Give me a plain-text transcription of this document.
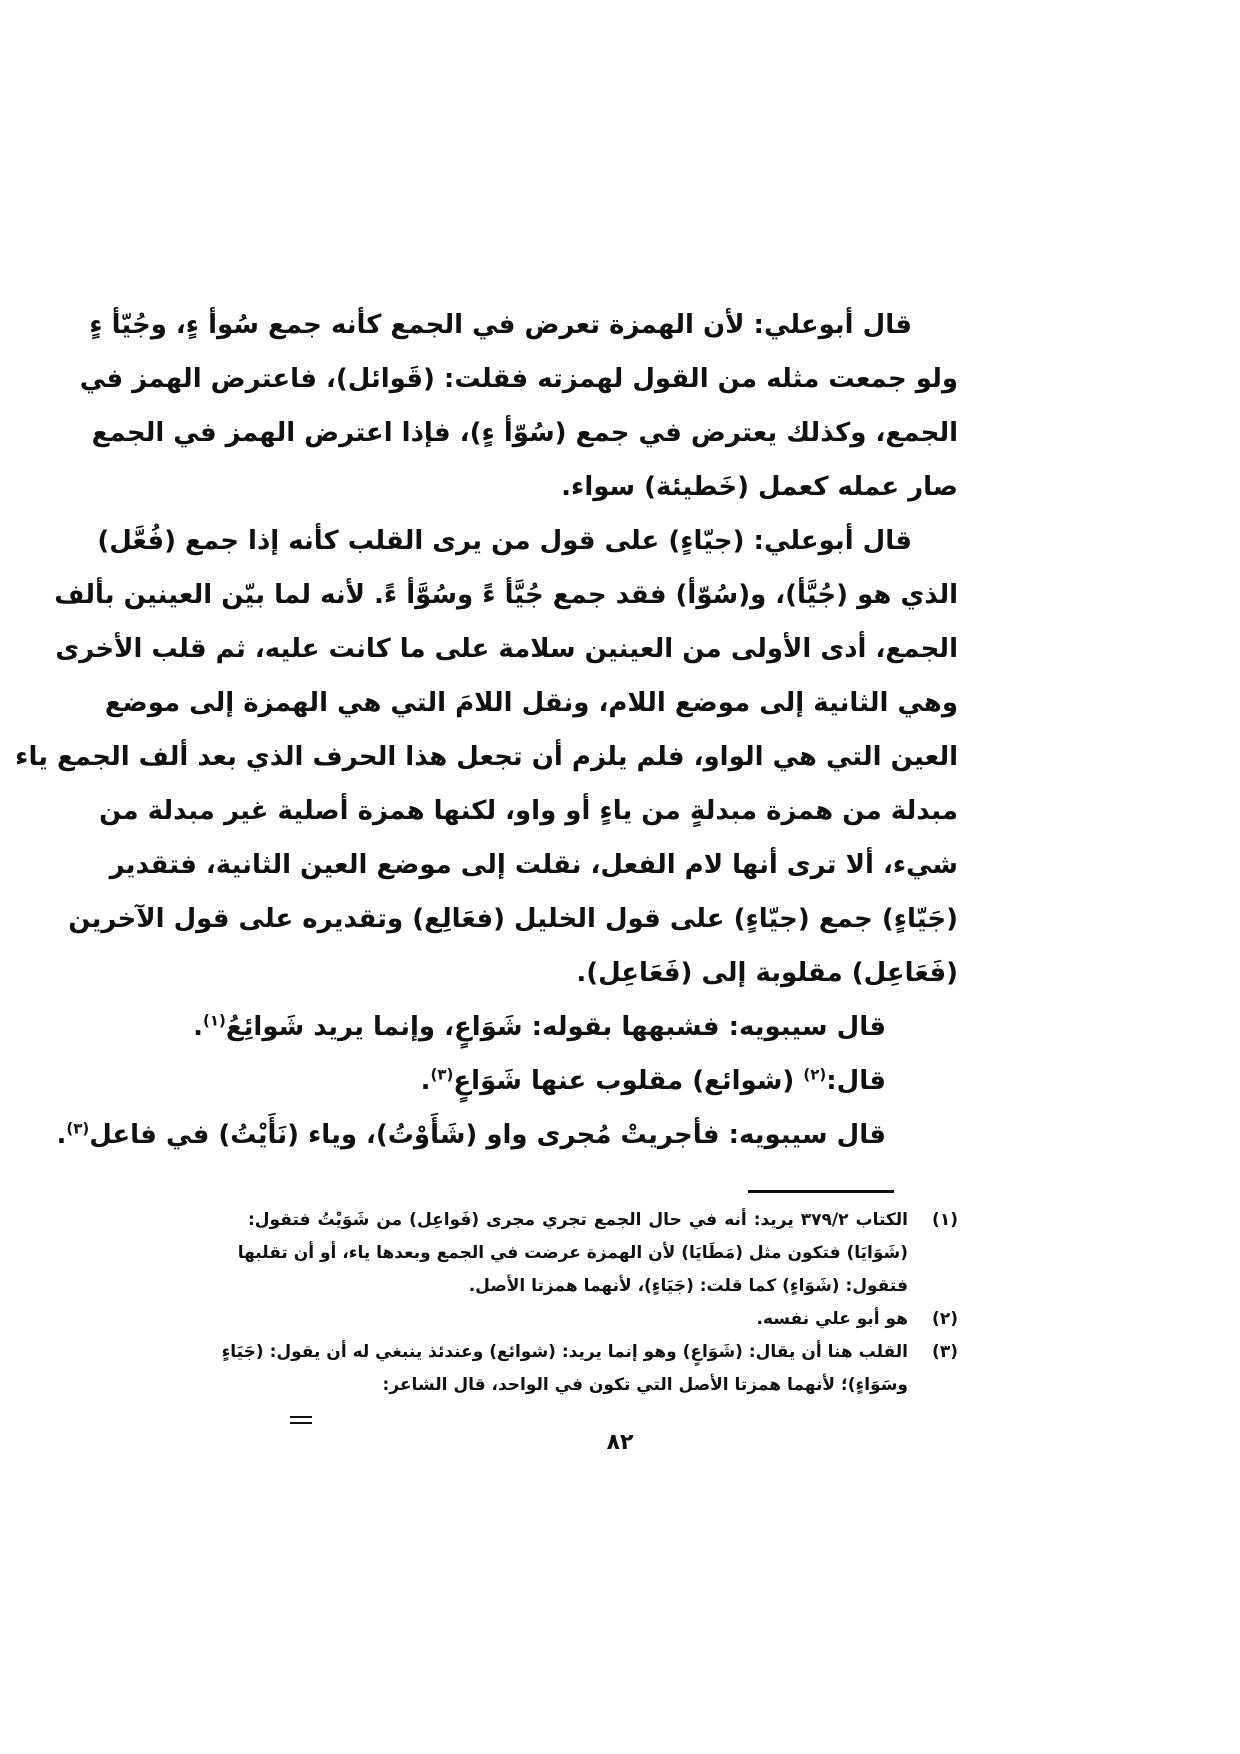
قال أبوعلي: لأن الهمزة تعرض في الجمع كأنه جمع سُوأ ءٍ، وجُيّأ ءٍ
ولو جمعت مثله من القول لهمزته فقلت: (قَوائل)، فاعترض الهمز في
الجمع، وكذلك يعترض في جمع (سُوّأ ءٍ)، فإذا اعترض الهمز في الجمع
صار عمله كعمل (خَطيئة) سواء.
قال أبوعلي: (جيّاءٍ) على قول من يرى القلب كأنه إذا جمع (فُعَّل)
الذي هو (جُيَّأ)، و(سُوّأ) فقد جمع جُيَّأ ءً وسُوَّأ ءً. لأنه لما بيّن العينين بألف
الجمع، أدى الأولى من العينين سلامة على ما كانت عليه، ثم قلب الأخرى
وهي الثانية إلى موضع اللام، ونقل اللامَ التي هي الهمزة إلى موضع
العين التي هي الواو، فلم يلزم أن تجعل هذا الحرف الذي بعد ألف الجمع ياء
مبدلة من همزة مبدلةٍ من ياءٍ أو واو، لكنها همزة أصلية غير مبدلة من
شيء، ألا ترى أنها لام الفعل، نقلت إلى موضع العين الثانية، فتقدير
(جَيّاءٍ) جمع (جيّاءٍ) على قول الخليل (فعَالِع) وتقديره على قول الآخرين
(فَعَاعِل) مقلوبة إلى (فَعَاعِل).
قال سيبويه: فشبهها بقوله: شَوَاعٍ، وإنما يريد شَوائِعُ$^{(١)}$.
قال:$^{(٢)}$ (شوائع) مقلوب عنها شَوَاعٍ$^{(٣)}$.
قال سيبويه: فأجريتْ مُجرى واو (شَأَوْتُ)، وياء (نَأَيْتُ) في فاعل$^{(٣)}$.
(١)
الكتاب ٣٧٩/٢ يريد: أنه في حال الجمع تجري مجرى (فَواعِل) من شَوَيْتُ فتقول:
(شَوَايَا) فتكون مثل (مَطَايَا) لأن الهمزة عرضت في الجمع وبعدها ياء، أو أن تقلبها
فتقول: (شَوَاءٍ) كما قلت: (جَيَاءٍ)، لأنهما همزتا الأصل.
(٢)
هو أبو علي نفسه.
(٣)
القلب هنا أن يقال: (شَوَاعٍ) وهو إنما يريد: (شوائع) وعندئذ ينبغي له أن يقول: (جَيَاءٍ
وسَوَاءٍ)؛ لأنهما همزتا الأصل التي تكون في الواحد، قال الشاعر:
٨٢
